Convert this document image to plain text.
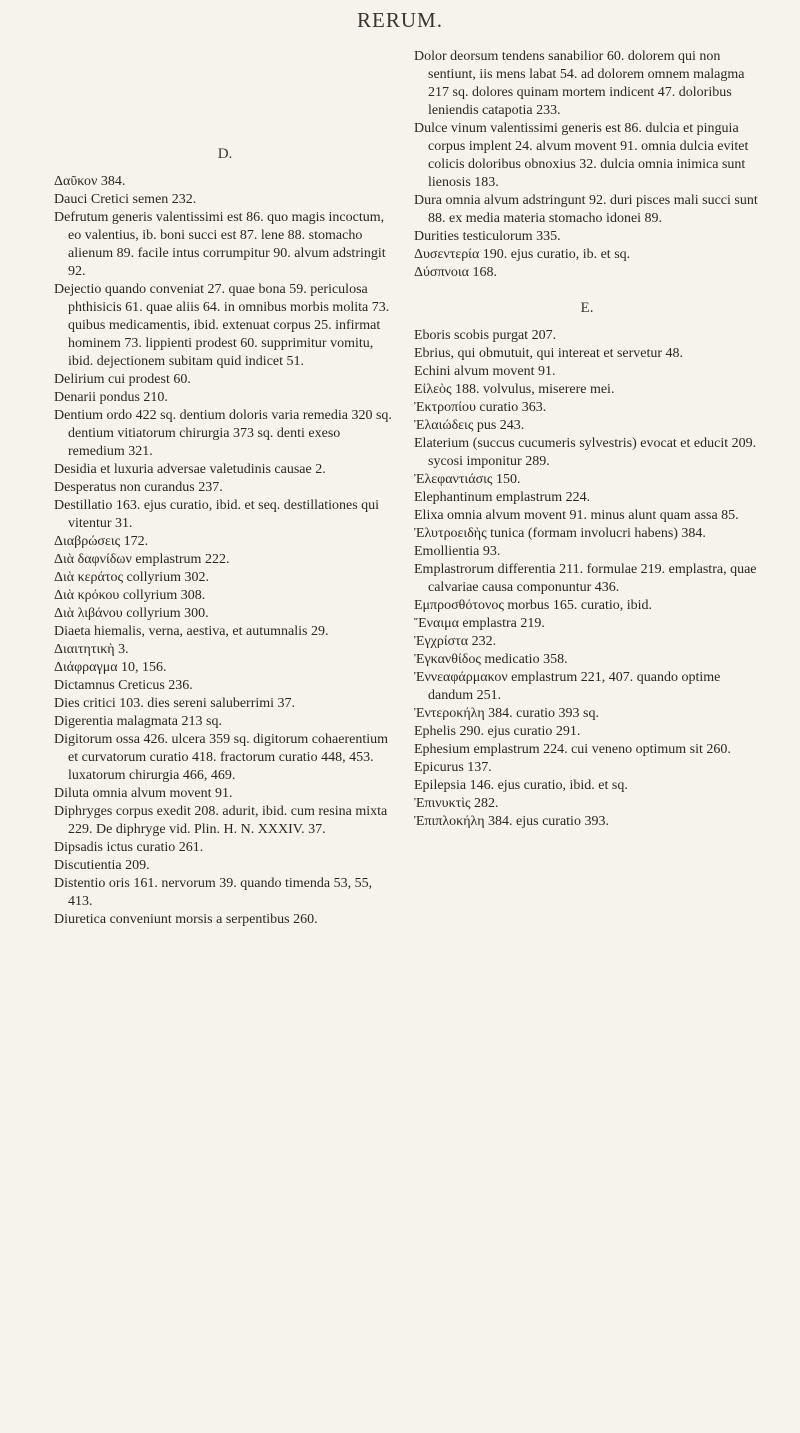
RERUM.
D.
Δαῦκον 384.
Dauci Cretici semen 232.
Defrutum generis valentissimi est 86. quo magis incoctum, eo valentius, ib. boni succi est 87. lene 88. stomacho alienum 89. facile intus corrumpitur 90. alvum adstringit 92.
Dejectio quando conveniat 27. quae bona 59. periculosa phthisicis 61. quae aliis 64. in omnibus morbis molita 73. quibus medicamentis, ibid. extenuat corpus 25. infirmat hominem 73. lippienti prodest 60. supprimitur vomitu, ibid. dejectionem subitam quid indicet 51.
Delirium cui prodest 60.
Denarii pondus 210.
Dentium ordo 422 sq. dentium doloris varia remedia 320 sq. dentium vitiatorum chirurgia 373 sq. denti exeso remedium 321.
Desidia et luxuria adversae valetudinis causae 2.
Desperatus non curandus 237.
Destillatio 163. ejus curatio, ibid. et seq. destillationes qui vitentur 31.
Διαβρώσεις 172.
Διὰ δαφνίδων emplastrum 222.
Διὰ κεράτος collyrium 302.
Διὰ κρόκου collyrium 308.
Διὰ λιβάνου collyrium 300.
Diaeta hiemalis, verna, aestiva, et autumnalis 29.
Διαιτητικὴ 3.
Διάφραγμα 10, 156.
Dictamnus Creticus 236.
Dies critici 103. dies sereni saluberrimi 37.
Digerentia malagmata 213 sq.
Digitorum ossa 426. ulcera 359 sq. digitorum cohaerentium et curvatorum curatio 418. fractorum curatio 448, 453. luxatorum chirurgia 466, 469.
Diluta omnia alvum movent 91.
Diphryges corpus exedit 208. adurit, ibid. cum resina mixta 229. De diphryge vid. Plin. H. N. XXXIV. 37.
Dipsadis ictus curatio 261.
Discutientia 209.
Distentio oris 161. nervorum 39. quando timenda 53, 55, 413.
Diuretica conveniunt morsis a serpentibus 260.
Dolor deorsum tendens sanabilior 60. dolorem qui non sentiunt, iis mens labat 54. ad dolorem omnem malagma 217 sq. dolores quinam mortem indicent 47. doloribus leniendis catapotia 233.
Dulce vinum valentissimi generis est 86. dulcia et pinguia corpus implent 24. alvum movent 91. omnia dulcia evitet colicis doloribus obnoxius 32. dulcia omnia inimica sunt lienosis 183.
Dura omnia alvum adstringunt 92. duri pisces mali succi sunt 88. ex media materia stomacho idonei 89.
Durities testiculorum 335.
Δυσεντερία 190. ejus curatio, ib. et sq.
Δύσπνοια 168.
E.
Eboris scobis purgat 207.
Ebrius, qui obmutuit, qui intereat et servetur 48.
Echini alvum movent 91.
Εἰλεὸς 188. volvulus, miserere mei.
Ἐκτροπίου curatio 363.
Ἐλαιώδεις pus 243.
Elaterium (succus cucumeris sylvestris) evocat et educit 209. sycosi imponitur 289.
Ἐλεφαντιάσις 150.
Elephantinum emplastrum 224.
Elixa omnia alvum movent 91. minus alunt quam assa 85.
Ἐλυτροειδὴς tunica (formam involucri habens) 384.
Emollientia 93.
Emplastrorum differentia 211. formulae 219. emplastra, quae calvariae causa componuntur 436.
Εμπροσθότονος morbus 165. curatio, ibid.
Ἔναιμα emplastra 219.
Ἐγχρίστα 232.
Ἐγκανθίδος medicatio 358.
Ἐννεαφάρμακον emplastrum 221, 407. quando optime dandum 251.
Ἐντεροκήλη 384. curatio 393 sq.
Ephelis 290. ejus curatio 291.
Ephesium emplastrum 224. cui veneno optimum sit 260.
Epicurus 137.
Epilepsia 146. ejus curatio, ibid. et sq.
Ἐπινυκτὶς 282.
Ἐπιπλοκήλη 384. ejus curatio 393.
